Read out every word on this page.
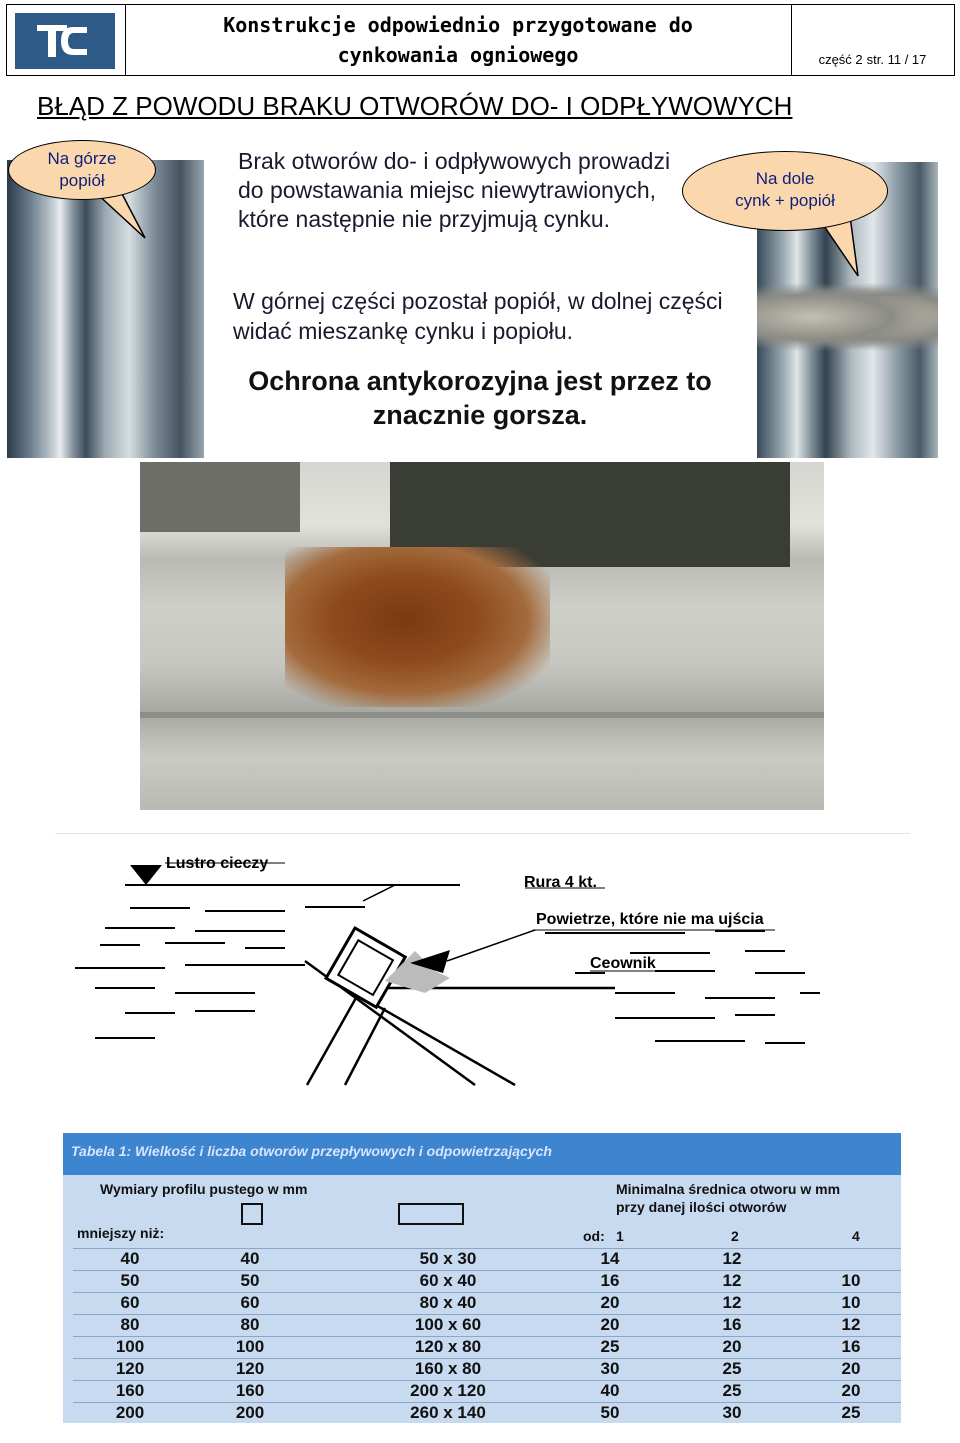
Konstrukcje odpowiednio przygotowane do
cynkowania ogniowego	część 2 str. 11 / 17
BŁĄD Z POWODU BRAKU OTWORÓW DO- I ODPŁYWOWYCH
Na górze
popiół	Na dole
cynk + popiół
Brak otworów do- i odpływowych prowadzi do powstawania miejsc niewytrawionych, które następnie nie przyjmują cynku.
W górnej części pozostał popiół, w dolnej części widać mieszankę cynku i popiołu.
Ochrona antykorozyjna jest przez to znacznie gorsza.
Lustro cieczy
Rura 4 kt.
Powietrze, które nie ma ujścia
Ceownik
Tabela 1: Wielkość i liczba otworów przepływowych i odpowietrzających
Wymiary profilu pustego w mm	Minimalna średnica otworu w mm
przy danej ilości otworów
mniejszy niż:	od: 1	2	4
40	40	50 x 30	14	12
50	50	60 x 40	16	12	10
60	60	80 x 40	20	12	10
80	80	100 x 60	20	16	12
100	100	120 x 80	25	20	16
120	120	160 x 80	30	25	20
160	160	200 x 120	40	25	20
200	200	260 x 140	50	30	25
